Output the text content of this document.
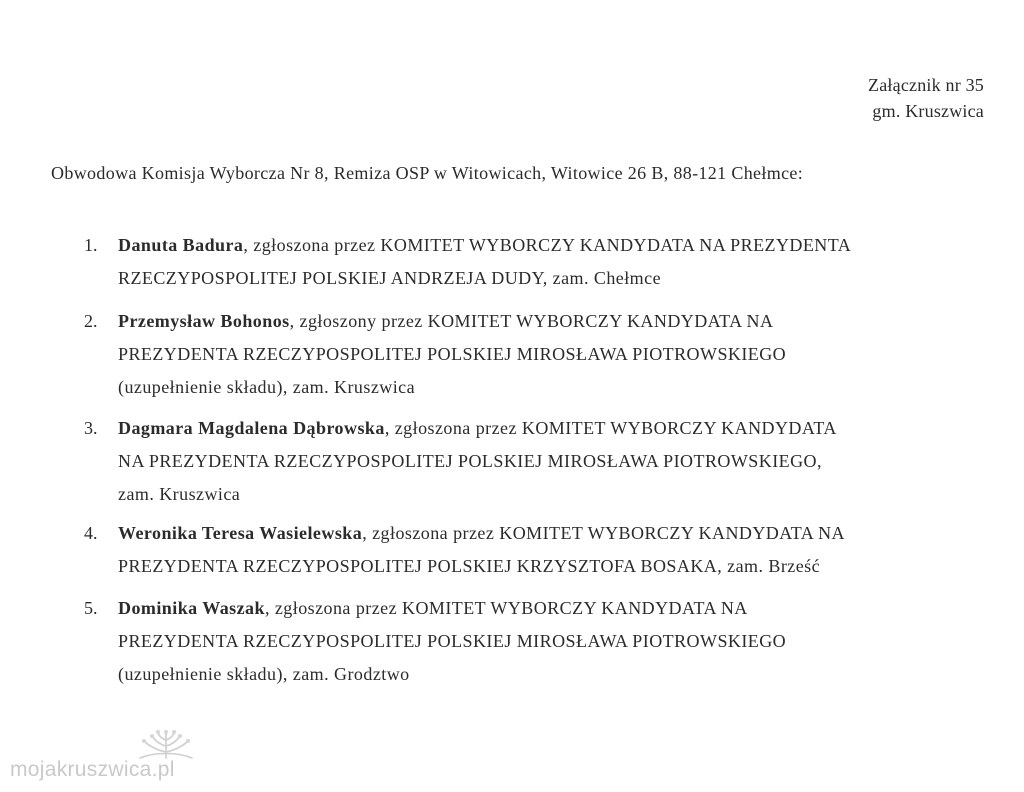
Załącznik nr 35
gm. Kruszwica
Obwodowa Komisja Wyborcza Nr 8, Remiza OSP w Witowicach, Witowice 26 B, 88-121 Chełmce:
1.	Danuta Badura, zgłoszona przez KOMITET WYBORCZY KANDYDATA NA PREZYDENTA
RZECZYPOSPOLITEJ POLSKIEJ ANDRZEJA DUDY, zam. Chełmce
2.	Przemysław Bohonos, zgłoszony przez KOMITET WYBORCZY KANDYDATA NA
PREZYDENTA RZECZYPOSPOLITEJ POLSKIEJ MIROSŁAWA PIOTROWSKIEGO
(uzupełnienie składu), zam. Kruszwica
3.	Dagmara Magdalena Dąbrowska, zgłoszona przez KOMITET WYBORCZY KANDYDATA
NA PREZYDENTA RZECZYPOSPOLITEJ POLSKIEJ MIROSŁAWA PIOTROWSKIEGO,
zam. Kruszwica
4.	Weronika Teresa Wasielewska, zgłoszona przez KOMITET WYBORCZY KANDYDATA NA
PREZYDENTA RZECZYPOSPOLITEJ POLSKIEJ KRZYSZTOFA BOSAKA, zam. Brześć
5.	Dominika Waszak, zgłoszona przez KOMITET WYBORCZY KANDYDATA NA
PREZYDENTA RZECZYPOSPOLITEJ POLSKIEJ MIROSŁAWA PIOTROWSKIEGO
(uzupełnienie składu), zam. Grodztwo
mojakruszwica.pl
